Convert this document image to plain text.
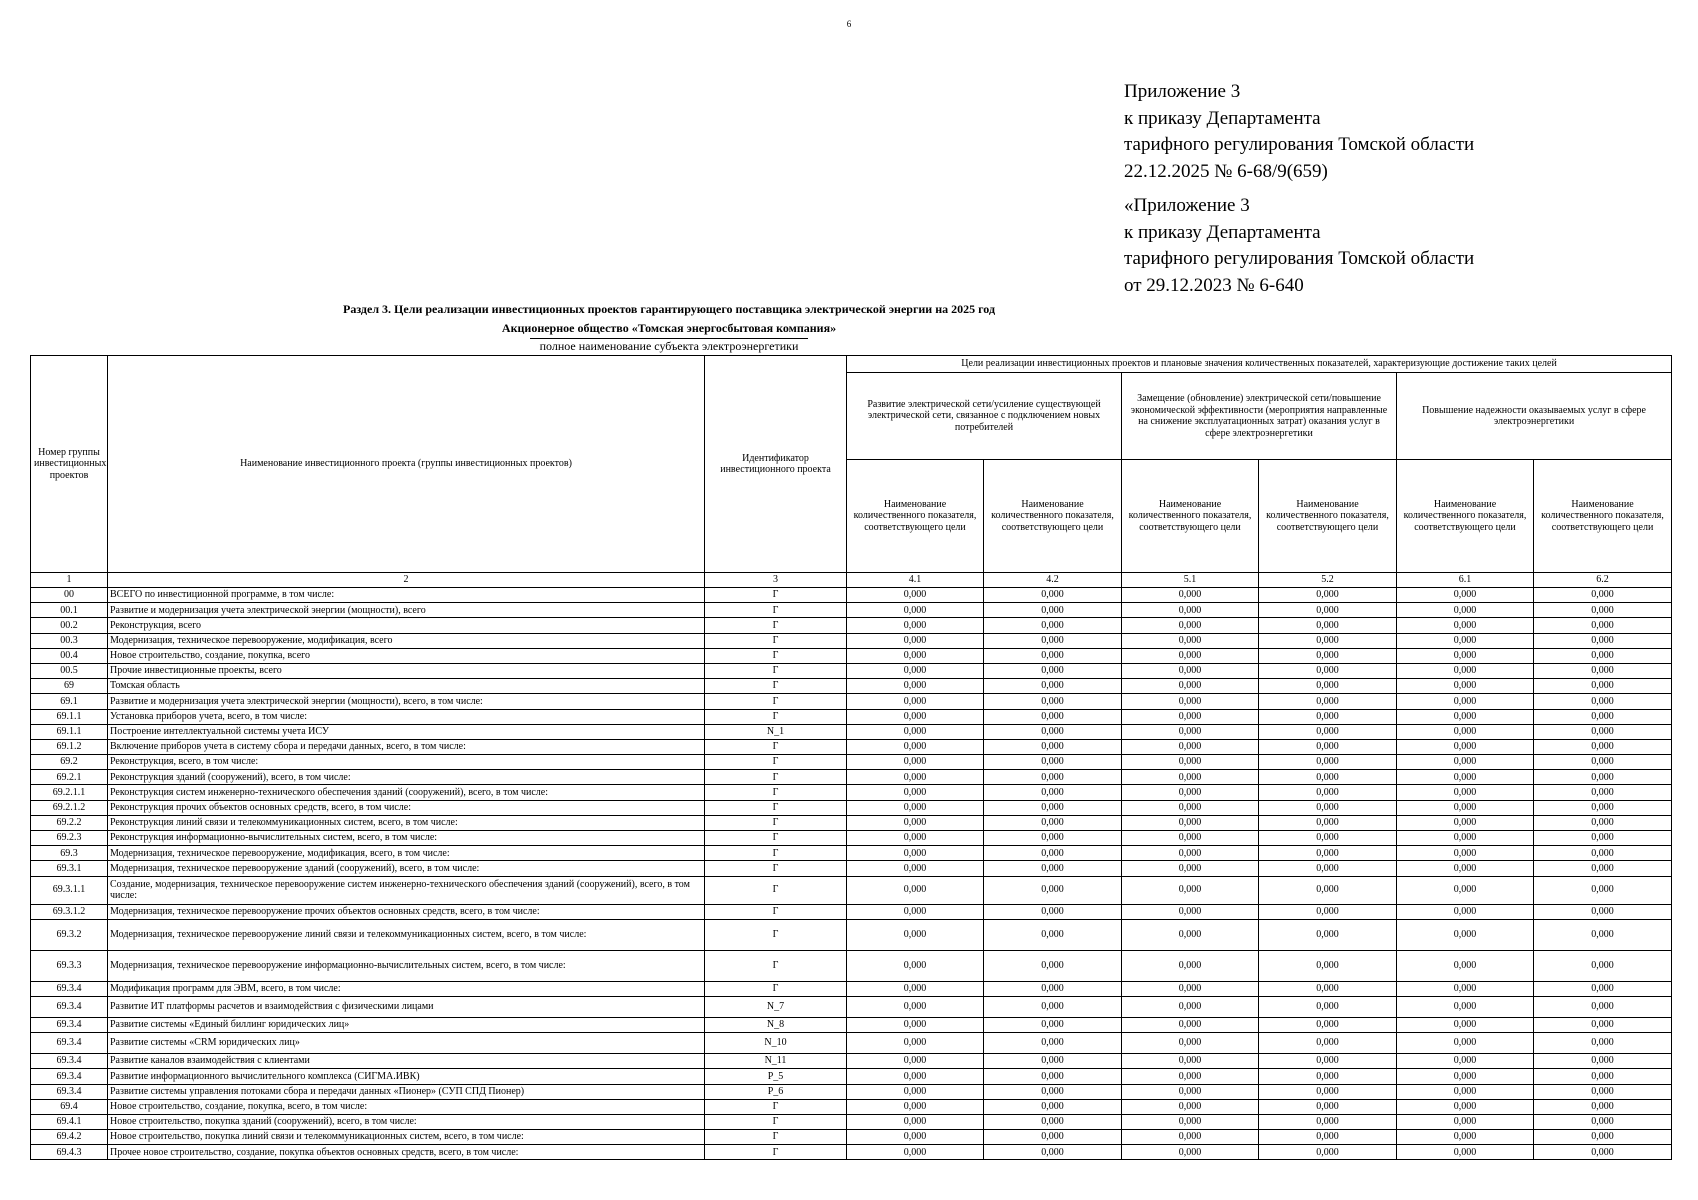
6
Приложение 3
к приказу Департамента
тарифного регулирования Томской области
22.12.2025 № 6-68/9(659)
«Приложение 3
к приказу Департамента
тарифного регулирования Томской области
от 29.12.2023 № 6-640
Раздел 3. Цели реализации инвестиционных проектов гарантирующего поставщика электрической энергии на 2025 год
Акционерное общество «Томская энергосбытовая компания»
полное наименование субъекта электроэнергетики
Номер группы инвестиционных проектов	Наименование инвестиционного проекта (группы инвестиционных проектов)	Идентификатор инвестиционного проекта	Цели реализации инвестиционных проектов и плановые значения количественных показателей, характеризующие достижение таких целей					
			Развитие электрической сети/усиление существующей электрической сети, связанное с подключением новых потребителей		Замещение (обновление) электрической сети/повышение экономической эффективности (мероприятия направленные на снижение эксплуатационных затрат) оказания услуг в сфере электроэнергетики		Повышение надежности оказываемых услуг в сфере электроэнергетики	
			Наименование количественного показателя, соответствующего цели	Наименование количественного показателя, соответствующего цели	Наименование количественного показателя, соответствующего цели	Наименование количественного показателя, соответствующего цели	Наименование количественного показателя, соответствующего цели	Наименование количественного показателя, соответствующего цели
1	2	3	4.1	4.2	5.1	5.2	6.1	6.2
00	ВСЕГО по инвестиционной программе, в том числе:	Г	0,000	0,000	0,000	0,000	0,000	0,000
00.1	Развитие и модернизация учета электрической энергии (мощности), всего	Г	0,000	0,000	0,000	0,000	0,000	0,000
00.2	Реконструкция, всего	Г	0,000	0,000	0,000	0,000	0,000	0,000
00.3	Модернизация, техническое перевооружение, модификация, всего	Г	0,000	0,000	0,000	0,000	0,000	0,000
00.4	Новое строительство, создание, покупка, всего	Г	0,000	0,000	0,000	0,000	0,000	0,000
00.5	Прочие инвестиционные проекты, всего	Г	0,000	0,000	0,000	0,000	0,000	0,000
69	Томская область	Г	0,000	0,000	0,000	0,000	0,000	0,000
69.1	Развитие и модернизация учета электрической энергии (мощности), всего, в том числе:	Г	0,000	0,000	0,000	0,000	0,000	0,000
69.1.1	Установка приборов учета, всего, в том числе:	Г	0,000	0,000	0,000	0,000	0,000	0,000
69.1.1	Построение интеллектуальной системы учета ИСУ	N_1	0,000	0,000	0,000	0,000	0,000	0,000
69.1.2	Включение приборов учета в систему сбора и передачи данных, всего, в том числе:	Г	0,000	0,000	0,000	0,000	0,000	0,000
69.2	Реконструкция, всего, в том числе:	Г	0,000	0,000	0,000	0,000	0,000	0,000
69.2.1	Реконструкция зданий (сооружений), всего, в том числе:	Г	0,000	0,000	0,000	0,000	0,000	0,000
69.2.1.1	Реконструкция систем инженерно-технического обеспечения зданий (сооружений), всего, в том числе:	Г	0,000	0,000	0,000	0,000	0,000	0,000
69.2.1.2	Реконструкция прочих объектов основных средств, всего, в том числе:	Г	0,000	0,000	0,000	0,000	0,000	0,000
69.2.2	Реконструкция линий связи и телекоммуникационных систем, всего, в том числе:	Г	0,000	0,000	0,000	0,000	0,000	0,000
69.2.3	Реконструкция информационно-вычислительных систем, всего, в том числе:	Г	0,000	0,000	0,000	0,000	0,000	0,000
69.3	Модернизация, техническое перевооружение, модификация, всего, в том числе:	Г	0,000	0,000	0,000	0,000	0,000	0,000
69.3.1	Модернизация, техническое перевооружение зданий (сооружений), всего, в том числе:	Г	0,000	0,000	0,000	0,000	0,000	0,000
69.3.1.1	Создание, модернизация, техническое перевооружение систем инженерно-технического обеспечения зданий (сооружений), всего, в том числе:	Г	0,000	0,000	0,000	0,000	0,000	0,000
69.3.1.2	Модернизация, техническое перевооружение прочих объектов основных средств, всего, в том числе:	Г	0,000	0,000	0,000	0,000	0,000	0,000
69.3.2	Модернизация, техническое перевооружение линий связи и телекоммуникационных систем, всего, в том числе:	Г	0,000	0,000	0,000	0,000	0,000	0,000
69.3.3	Модернизация, техническое перевооружение информационно-вычислительных систем, всего, в том числе:	Г	0,000	0,000	0,000	0,000	0,000	0,000
69.3.4	Модификация программ для ЭВМ, всего, в том числе:	Г	0,000	0,000	0,000	0,000	0,000	0,000
69.3.4	Развитие ИТ платформы расчетов и взаимодействия с физическими лицами	N_7	0,000	0,000	0,000	0,000	0,000	0,000
69.3.4	Развитие системы «Единый биллинг юридических лиц»	N_8	0,000	0,000	0,000	0,000	0,000	0,000
69.3.4	Развитие системы «CRM юридических лиц»	N_10	0,000	0,000	0,000	0,000	0,000	0,000
69.3.4	Развитие каналов взаимодействия с клиентами	N_11	0,000	0,000	0,000	0,000	0,000	0,000
69.3.4	Развитие информационного вычислительного комплекса (СИГМА.ИВК)	P_5	0,000	0,000	0,000	0,000	0,000	0,000
69.3.4	Развитие системы управления потоками сбора и передачи данных «Пионер» (СУП СПД Пионер)	P_6	0,000	0,000	0,000	0,000	0,000	0,000
69.4	Новое строительство, создание, покупка, всего, в том числе:	Г	0,000	0,000	0,000	0,000	0,000	0,000
69.4.1	Новое строительство, покупка зданий (сооружений), всего, в том числе:	Г	0,000	0,000	0,000	0,000	0,000	0,000
69.4.2	Новое строительство, покупка линий связи и телекоммуникационных систем, всего, в том числе:	Г	0,000	0,000	0,000	0,000	0,000	0,000
69.4.3	Прочее новое строительство, создание, покупка объектов основных средств, всего, в том числе:	Г	0,000	0,000	0,000	0,000	0,000	0,000
